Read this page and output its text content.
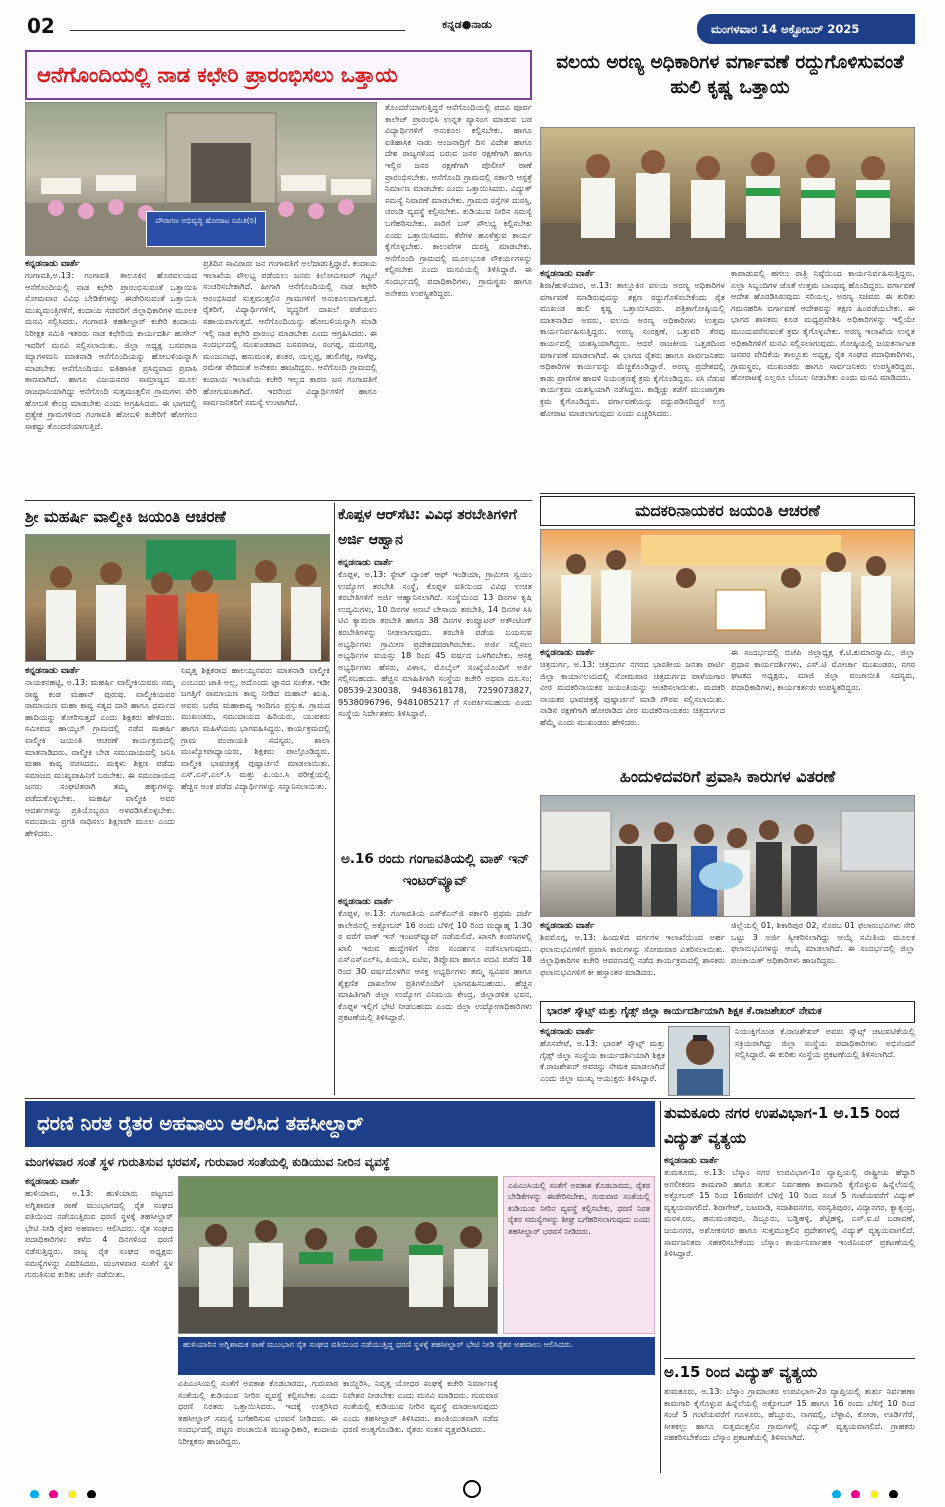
02	ಕನ್ನಡ●ನಾಡು	ಮಂಗಳವಾರ 14 ಅಕ್ಟೋಬರ್ 2025
ಆನೆಗೊಂದಿಯಲ್ಲಿ ನಾಡ ಕಛೇರಿ ಪ್ರಾರಂಭಿಸಲು ಒತ್ತಾಯ
ಪೌರಾಗಣ ಅಭಿವೃದ್ಧಿ ಹೋರಾಟ ಸಮಿತಿ(ರಿ)
ತೊಂದರೆಯಾಗುತ್ತಿದ್ದರೆ ಆನೆಗೊಂದಿಯಲ್ಲಿ ಪದವಿ ಪೂರ್ವ ಕಾಲೇಜ್ ಪ್ರಾರಂಭಿಸಿ ಉನ್ನತ ವ್ಯಾಸಂಗ ಮಾಡುವ ಬಡ ವಿದ್ಯಾರ್ಥಿಗಳಿಗೆ ಅನುಕೂಲ ಕಲ್ಪಿಸಬೇಕು. ಹಾಗೂ ಐತಿಹಾಸಿಕ ನಾಡು ಆಂಜನಾದ್ರಿಗೆ ದಿನ ವಿದೇಶ ಹಾಗೂ ದೇಶ ರಾಜ್ಯಗಳಿಂದ ಬರುವ ಜನರ ರಕ್ಷಣೆಗಾಗಿ ಹಾಗೂ ಇಲ್ಲಿನ ಜನರ ರಕ್ಷಣೆಗಾಗಿ ಪೊಲೀಸ್ ಠಾಣೆ ಪ್ರಾರಂಭಿಸಬೇಕು. ಆನೆಗೊಂದಿ ಗ್ರಾಮದಲ್ಲಿ ಸರ್ಕಾರಿ ಆಸ್ಪತ್ರೆ ನಿರ್ಮಾಣ ಮಾಡಬೇಕು ಎಂದು ಒತ್ತಾಯಿಸಿದರು. ವಿದ್ಯುತ್ ಸಮಸ್ಯೆ ನಿವಾರಣೆ ಮಾಡಬೇಕು. ಗ್ರಾಮದ ರಸ್ತೆಗಳ ದುರಸ್ತಿ, ಚರಂಡಿ ವ್ಯವಸ್ಥೆ ಕಲ್ಪಿಸಬೇಕು. ಕುಡಿಯುವ ನೀರಿನ ಸಮಸ್ಯೆ ಬಗೆಹರಿಸಬೇಕು. ಸಾರಿಗೆ ಬಸ್ ಸೌಲಭ್ಯ ಕಲ್ಪಿಸಬೇಕು ಎಂದು ಒತ್ತಾಯಿಸಿದರು. ಕೆರೆಗಳ ಹೂಳೆತ್ತುವ ಕಾರ್ಯ ಕೈಗೊಳ್ಳಬೇಕು. ಕಾಲುವೆಗಳ ದುರಸ್ತಿ ಮಾಡಬೇಕು. ಆನೆಗೊಂದಿ ಗ್ರಾಮದಲ್ಲಿ ಮೂಲಭೂತ ಸೌಕರ್ಯಗಳನ್ನು ಕಲ್ಪಿಸಬೇಕು ಎಂದು ಮನವಿಯಲ್ಲಿ ತಿಳಿಸಿದ್ದಾರೆ. ಈ ಸಂದರ್ಭದಲ್ಲಿ ಪದಾಧಿಕಾರಿಗಳು, ಗ್ರಾಮಸ್ಥರು ಹಾಗೂ ಅನೇಕರು ಉಪಸ್ಥಿತರಿದ್ದರು.
ಕನ್ನಡನಾಡು ವಾರ್ತೆ
ಗಂಗಾವತಿ,ಅ.13: ಗಂಗಾವತಿ ತಾಲೂಕಿನ ಹೊರವಲಯದ ಆನೆಗೊಂದಿಯಲ್ಲಿ ನಾಡ ಕಛೇರಿ ಪ್ರಾರಂಭಿಸುವಂತೆ ಒತ್ತಾಯಿಸಿ ಸೋಮವಾರ ವಿವಿಧ ಬೇಡಿಕೆಗಳನ್ನು ಈಡೇರಿಸುವಂತೆ ಒತ್ತಾಯಿಸಿ ಮುಖ್ಯಮಂತ್ರಿಗಳಿಗೆ, ಕಂದಾಯ ಸಚಿವರಿಗೆ ಜಿಲ್ಲಾಧಿಕಾರಿಗಳ ಮೂಲಕ ಮನವಿ ಸಲ್ಲಿಸಿದರು. ಗಂಗಾವತಿ ತಹಶೀಲ್ದಾರ್ ಕಚೇರಿ ಕಂದಾಯ ನಿರೀಕ್ಷಕ ಸಮಿತಿ ಇತರರು ನಾಡ ಕಛೇರಿಯ ಕಾರ್ಯದರ್ಶಿ ಹುಸೇನ್ ಇವರಿಗೆ ಮನವಿ ಸಲ್ಲಿಸಲಾಯಿತು. ಜಿಲ್ಲಾ ಅಧ್ಯಕ್ಷ ಬಸವರಾಜ ಮ್ಯಾಗಳಮನಿ ಮಾತನಾಡಿ ಆನೆಗೊಂದಿಯನ್ನು ಹೋಬಳಿಯನ್ನಾಗಿ ಮಾಡಬೇಕು ಆನೆಗೊಂದಿಯು ಐತಿಹಾಸಿಕ ಪ್ರಸಿದ್ಧವಾದ ಪ್ರವಾಸಿ ತಾಣವಾಗಿದೆ. ಹಾಗೂ ವಿಜಯನಗರ ಸಾಮ್ರಾಜ್ಯದ ಮೂಲ ರಾಜಧಾನಿಯಾಗಿದ್ದು ಆನೆಗೊಂದಿ ಸುತ್ತಮುತ್ತಲಿನ ಗ್ರಾಮಗಳು ಸೇರಿ ಹೋಬಳಿ ಕೇಂದ್ರ ಮಾಡಬೇಕು ಎಂದು ಆಗ್ರಹಿಸಿದರು. ಈ ಭಾಗದಲ್ಲಿ ಪ್ರತ್ಯೇಕ ಗ್ರಾಮಗಳಿಂದ ಗಂಗಾವತಿ ಹೋಬಳಿ ಕಚೇರಿಗೆ ಹೋಗಲು ಸಾಕಷ್ಟು ತೊಂದರೆಯಾಗುತ್ತಿದೆ.
ಪ್ರತಿದಿನ ಸಾವಿರಾರು ಜನ ಗಂಗಾವತಿಗೆ ಅಲೆದಾಡುತ್ತಿದ್ದಾರೆ. ಕಂದಾಯ ಇಲಾಖೆಯ ಸೌಲಭ್ಯ ಪಡೆಯಲು ಜನರು ಕಿಲೋಮೀಟರ್ ಗಟ್ಟಲೆ ಸಂಚರಿಸಬೇಕಾಗಿದೆ. ಹೀಗಾಗಿ ಆನೆಗೊಂದಿಯಲ್ಲಿ ನಾಡ ಕಛೇರಿ ಆರಂಭಿಸಿದರೆ ಸುತ್ತಮುತ್ತಲಿನ ಗ್ರಾಮಗಳಿಗೆ ಅನುಕೂಲವಾಗುತ್ತದೆ. ರೈತರಿಗೆ, ವಿದ್ಯಾರ್ಥಿಗಳಿಗೆ, ವೃದ್ಧರಿಗೆ ದಾಖಲೆ ಪಡೆಯಲು ಸಹಾಯವಾಗುತ್ತದೆ. ಆನೆಗೊಂದಿಯನ್ನು ಹೋಬಳಿಯನ್ನಾಗಿ ಮಾಡಿ ಇಲ್ಲಿ ನಾಡ ಕಛೇರಿ ಪ್ರಾರಂಭ ಮಾಡಬೇಕು ಎಂದು ಆಗ್ರಹಿಸಿದರು. ಈ ಸಂದರ್ಭದಲ್ಲಿ ಮುಖಂಡರಾದ ಬಸವರಾಜ, ರಂಗಪ್ಪ, ದುರುಗಪ್ಪ, ಮಂಜುನಾಥ, ಹನುಮಂತ, ಶಂಕರ, ಯಲ್ಲಪ್ಪ, ಹುಲಿಗೆಪ್ಪ, ಗಾಳೆಪ್ಪ, ರಮೇಶ ಸೇರಿದಂತೆ ಅನೇಕರು ಹಾಜರಿದ್ದರು. ಆನೆಗೊಂದಿ ಗ್ರಾಮದಲ್ಲಿ ಕಂದಾಯ ಇಲಾಖೆಯ ಕಚೇರಿ ಇಲ್ಲದ ಕಾರಣ ಜನ ಗಂಗಾವತಿಗೆ ಹೋಗುವಂತಾಗಿದೆ. ಇದರಿಂದ ವಿದ್ಯಾರ್ಥಿಗಳಿಗೆ ಹಾಗೂ ಸಾರ್ವಜನಿಕರಿಗೆ ಸಮಸ್ಯೆ ಉಂಟಾಗಿದೆ.
ವಲಯ ಅರಣ್ಯ ಅಧಿಕಾರಿಗಳ ವರ್ಗಾವಣೆ ರದ್ದುಗೊಳಿಸುವಂತೆ ಹುಲಿ ಕೃಷ್ಣ ಒತ್ತಾಯ
ಕನ್ನಡನಾಡು ವಾರ್ತೆ
ಶಿರಾ/ಹುಳಿಯಾರ, ಅ.13: ತಾಲ್ಲೂಕಿನ ವಲಯ ಅರಣ್ಯ ಅಧಿಕಾರಿಗಳ ವರ್ಗಾವಣೆ ಮಾಡಿರುವುದನ್ನು ತಕ್ಷಣ ರದ್ದುಗೊಳಿಸಬೇಕೆಂದು ರೈತ ಮುಖಂಡ ಹುಲಿ ಕೃಷ್ಣ ಒತ್ತಾಯಿಸಿದರು. ಪತ್ರಿಕಾಗೋಷ್ಠಿಯಲ್ಲಿ ಮಾತನಾಡಿದ ಅವರು, ವಲಯ ಅರಣ್ಯ ಅಧಿಕಾರಿಗಳು ಉತ್ತಮ ಕಾರ್ಯನಿರ್ವಹಿಸುತ್ತಿದ್ದರು. ಅರಣ್ಯ ಸಂರಕ್ಷಣೆ, ಒತ್ತುವರಿ ತೆರವು ಕಾರ್ಯದಲ್ಲಿ ಯಶಸ್ವಿಯಾಗಿದ್ದರು. ಆದರೆ ರಾಜಕೀಯ ಒತ್ತಡದಿಂದ ವರ್ಗಾವಣೆ ಮಾಡಲಾಗಿದೆ. ಈ ಭಾಗದ ರೈತರು ಹಾಗೂ ಸಾರ್ವಜನಿಕರು ಅಧಿಕಾರಿಗಳ ಕಾರ್ಯವನ್ನು ಮೆಚ್ಚಿಕೊಂಡಿದ್ದಾರೆ. ಅರಣ್ಯ ಪ್ರದೇಶದಲ್ಲಿ ಕಾಡು ಪ್ರಾಣಿಗಳ ಹಾವಳಿ ನಿಯಂತ್ರಣಕ್ಕೆ ಕ್ರಮ ಕೈಗೊಂಡಿದ್ದರು. ಸಸಿ ನೆಡುವ ಕಾರ್ಯಕ್ರಮ ಯಶಸ್ವಿಯಾಗಿ ನಡೆಸಿದ್ದರು. ಕಾಡ್ಗಿಚ್ಚು ತಡೆಗೆ ಮುಂಜಾಗ್ರತಾ ಕ್ರಮ ಕೈಗೊಂಡಿದ್ದರು. ವರ್ಗಾವಣೆಯನ್ನು ರದ್ದುಪಡಿಸದಿದ್ದರೆ ಉಗ್ರ ಹೋರಾಟ ಮಾಡಲಾಗುವುದು ಎಂದು ಎಚ್ಚರಿಸಿದರು.
ಕಾಪಾಡುವಲ್ಲಿ ಹಗಲು ರಾತ್ರಿ ನಿಷ್ಠೆಯಿಂದ ಕಾರ್ಯನಿರ್ವಹಿಸುತ್ತಿದ್ದರು. ಎಲ್ಲಾ ಸಿಬ್ಬಂದಿಗಳ ಜೊತೆ ಉತ್ತಮ ಬಾಂಧವ್ಯ ಹೊಂದಿದ್ದರು. ವರ್ಗಾವಣೆ ಆದೇಶ ಹೊರಡಿಸಿರುವುದು ಸರಿಯಲ್ಲ. ಅರಣ್ಯ ಸಚಿವರು ಈ ಕುರಿತು ಗಮನಹರಿಸಿ ವರ್ಗಾವಣೆ ಆದೇಶವನ್ನು ತಕ್ಷಣ ಹಿಂಪಡೆಯಬೇಕು. ಈ ಭಾಗದ ಶಾಸಕರು ಕೂಡ ಮಧ್ಯಪ್ರವೇಶಿಸಿ ಅಧಿಕಾರಿಗಳನ್ನು ಇಲ್ಲಿಯೇ ಮುಂದುವರೆಸುವಂತೆ ಕ್ರಮ ಕೈಗೊಳ್ಳಬೇಕು. ಅರಣ್ಯ ಇಲಾಖೆಯ ಉನ್ನತ ಅಧಿಕಾರಿಗಳಿಗೆ ಮನವಿ ಸಲ್ಲಿಸಲಾಗುವುದು. ಗೋಷ್ಠಿಯಲ್ಲಿ ಜಯಕರ್ನಾಟಕ ಜನಪರ ವೇದಿಕೆಯ ತಾಲ್ಲೂಕು ಅಧ್ಯಕ್ಷ, ರೈತ ಸಂಘದ ಪದಾಧಿಕಾರಿಗಳು, ಗ್ರಾಮಸ್ಥರು, ಮುಖಂಡರು ಹಾಗೂ ಸಾರ್ವಜನಿಕರು ಉಪಸ್ಥಿತರಿದ್ದರು. ಹೋರಾಟಕ್ಕೆ ಎಲ್ಲರೂ ಬೆಂಬಲ ನೀಡಬೇಕು ಎಂದು ಮನವಿ ಮಾಡಿದರು.
ಶ್ರೀ ಮಹರ್ಷಿ ವಾಲ್ಮೀಕಿ ಜಯಂತಿ ಆಚರಣೆ
ಕನ್ನಡನಾಡು ವಾರ್ತೆ
ನಾಯಕನಹಟ್ಟಿ, ಅ.13: ಮಹರ್ಷಿ ವಾಲ್ಮೀಕಿಯವರು ನಮ್ಮ ರಾಷ್ಟ್ರ ಕಂಡ ಮಹಾನ್ ಪುರುಷ. ವಾಲ್ಮೀಕಿಯವರ ರಾಮಾಯಣ ಮಹಾ ಕಾವ್ಯ ಸತ್ಯದ ದಾರಿ ಹಾಗೂ ಧರ್ಮದ ಹಾದಿಯನ್ನು ತೋರಿಸುತ್ತದೆ ಎಂದು ಶಿಕ್ಷಕರು ಹೇಳಿದರು. ಸಮೀಪದ ಹಾಯ್ಕಲ್ ಗ್ರಾಮದಲ್ಲಿ ನಡೆದ ಮಹರ್ಷಿ ವಾಲ್ಮೀಕಿ ಜಯಂತಿ ಆಚರಣೆ ಕಾರ್ಯಕ್ರಮದಲ್ಲಿ ಮಾತನಾಡಿದರು. ವಾಲ್ಮೀಕಿ ಬೇಡ ಸಮುದಾಯದಲ್ಲಿ ಜನಿಸಿ ಮಹಾ ಕಾವ್ಯ ರಚಿಸಿದರು. ಮಕ್ಕಳು ಶಿಕ್ಷಣ ಪಡೆದು ಸಮಾಜದ ಮುಖ್ಯವಾಹಿನಿಗೆ ಬರಬೇಕು. ಈ ಸಮುದಾಯದ ಜನರು ಸಂಘಟಿತರಾಗಿ ತಮ್ಮ ಹಕ್ಕುಗಳನ್ನು ಪಡೆದುಕೊಳ್ಳಬೇಕು. ಮಹರ್ಷಿ ವಾಲ್ಮೀಕಿ ಅವರ ಆದರ್ಶಗಳನ್ನು ಪ್ರತಿಯೊಬ್ಬರೂ ಅಳವಡಿಸಿಕೊಳ್ಳಬೇಕು. ಸಮುದಾಯ ಪ್ರಗತಿ ಸಾಧಿಸಲು ಶಿಕ್ಷಣವೇ ಮೂಲ ಎಂದು ಹೇಳಿದರು.
ನಿವೃತ್ತ ಶಿಕ್ಷಕರಾದ ಹಾಲಯ್ಯನವರು ಮಾತನಾಡಿ ವಾಲ್ಮೀಕಿ ಎಂಬುದು ಜಾತಿ ಅಲ್ಲ, ಅದೊಂದು ಜ್ಞಾನದ ಸಂಕೇತ. ಇಡೀ ಜಗತ್ತಿಗೆ ರಾಮಾಯಣ ಕಾವ್ಯ ನೀಡಿದ ಮಹಾನ್ ಋಷಿ. ಅವರು ಬರೆದ ಮಹಾಕಾವ್ಯ ಇಂದಿಗೂ ಪ್ರಸ್ತುತ. ಗ್ರಾಮದ ಮುಖಂಡರು, ಸಮುದಾಯದ ಹಿರಿಯರು, ಯುವಕರು ಹಾಗೂ ಮಹಿಳೆಯರು ಭಾಗವಹಿಸಿದ್ದರು. ಕಾರ್ಯಕ್ರಮದಲ್ಲಿ ಗ್ರಾಮ ಪಂಚಾಯತಿ ಸದಸ್ಯರು, ಶಾಲಾ ಮುಖ್ಯೋಪಾಧ್ಯಾಯರು, ಶಿಕ್ಷಕರು ಪಾಲ್ಗೊಂಡಿದ್ದರು. ವಾಲ್ಮೀಕಿ ಭಾವಚಿತ್ರಕ್ಕೆ ಪುಷ್ಪಾರ್ಚನೆ ಮಾಡಲಾಯಿತು. ಎಸ್.ಎಸ್.ಎಲ್.ಸಿ ಮತ್ತು ಪಿ.ಯು.ಸಿ ಪರೀಕ್ಷೆಯಲ್ಲಿ ಹೆಚ್ಚಿನ ಅಂಕ ಪಡೆದ ವಿದ್ಯಾರ್ಥಿಗಳನ್ನು ಸನ್ಮಾನಿಸಲಾಯಿತು.
ಕೊಪ್ಪಳ ಆರ್‌ಸೆಟಿ: ವಿವಿಧ ತರಬೇತಿಗಳಿಗೆ ಅರ್ಜಿ ಆಹ್ವಾನ
ಕನ್ನಡನಾಡು ವಾರ್ತೆ
ಕೊಪ್ಪಳ, ಅ.13: ಸ್ಟೇಟ್ ಬ್ಯಾಂಕ್ ಆಫ್ ಇಂಡಿಯಾ, ಗ್ರಾಮೀಣ ಸ್ವಯಂ ಉದ್ಯೋಗ ತರಬೇತಿ ಸಂಸ್ಥೆ, ಕೊಪ್ಪಳ ವತಿಯಿಂದ ವಿವಿಧ ಉಚಿತ ತರಬೇತಿಗಳಿಗೆ ಅರ್ಜಿ ಆಹ್ವಾನಿಸಲಾಗಿದೆ. ಸಂಸ್ಥೆಯಿಂದ 13 ದಿನಗಳ ಕೃಷಿ ಉದ್ಯಮಿಗಳು, 10 ದಿನಗಳ ಅಣಬೆ ಬೇಸಾಯ ತರಬೇತಿ, 14 ದಿನಗಳ ಸಿಸಿ ಟಿವಿ ಕ್ಯಾಮರಾ ತರಬೇತಿ ಹಾಗೂ 38 ದಿನಗಳ ಕಂಪ್ಯೂಟರ್ ಅಕೌಂಟಿಂಗ್ ತರಬೇತಿಗಳನ್ನು ನೀಡಲಾಗುವುದು. ತರಬೇತಿ ಪಡೆಯ ಬಯಸುವ ಅಭ್ಯರ್ಥಿಗಳು ಗ್ರಾಮೀಣ ಪ್ರದೇಶದವರಾಗಿರಬೇಕು. ಅರ್ಜಿ ಸಲ್ಲಿಸಲು ಅಭ್ಯರ್ಥಿಗಳ ವಯಸ್ಸು 18 ರಿಂದ 45 ವರ್ಷದ ಒಳಗಿರಬೇಕು. ಆಸಕ್ತ ಅಭ್ಯರ್ಥಿಗಳು ಹೆಸರು, ವಿಳಾಸ, ಮೊಬೈಲ್ ಸಂಖ್ಯೆಯೊಂದಿಗೆ ಅರ್ಜಿ ಸಲ್ಲಿಸಬಹುದು. ಹೆಚ್ಚಿನ ಮಾಹಿತಿಗಾಗಿ ಸಂಸ್ಥೆಯ ಕಚೇರಿ ಅಥವಾ ದೂ.ಸಂ: 08539-230038, 9483618178, 7259073827, 9538096796, 9481085217 ಗೆ ಸಂಪರ್ಕಿಸಬಹುದು ಎಂದು ಸಂಸ್ಥೆಯ ನಿರ್ದೇಶಕರು ತಿಳಿಸಿದ್ದಾರೆ.
ಅ.16 ರಂದು ಗಂಗಾವತಿಯಲ್ಲಿ ವಾಕ್ ಇನ್ ಇಂಟರ್‌ವ್ಯೂವ್
ಕನ್ನಡನಾಡು ವಾರ್ತೆ
ಕೊಪ್ಪಳ, ಅ.13: ಗಂಗಾವತಿಯ ಎಸ್‌ಕೆಎನ್‌ಜಿ ಸರ್ಕಾರಿ ಪ್ರಥಮ ದರ್ಜೆ ಕಾಲೇಜಿನಲ್ಲಿ ಅಕ್ಟೋಬರ್ 16 ರಂದು ಬೆಳಿಗ್ಗೆ 10 ರಿಂದ ಮಧ್ಯಾಹ್ನ 1.30 ರ ವರೆಗೆ ವಾಕ್ ಇನ್ ಇಂಟರ್‌ವ್ಯೂವ್ ನಡೆಯಲಿದೆ. ಖಾಸಗಿ ಕಂಪನಿಗಳಲ್ಲಿ ಖಾಲಿ ಇರುವ ಹುದ್ದೆಗಳಿಗೆ ನೇರ ಸಂದರ್ಶನ ನಡೆಸಲಾಗುವುದು. ಎಸ್‌ಎಸ್‌ಎಲ್‌ಸಿ, ಪಿಯುಸಿ, ಐಟಿಐ, ಡಿಪ್ಲೊಮಾ ಹಾಗೂ ಪದವಿ ಪಡೆದ 18 ರಿಂದ 30 ವರ್ಷದೊಳಗಿನ ಆಸಕ್ತ ಅಭ್ಯರ್ಥಿಗಳು ತಮ್ಮ ಸ್ವವಿವರ ಹಾಗೂ ಶೈಕ್ಷಣಿಕ ದಾಖಲೆಗಳ ಪ್ರತಿಗಳೊಂದಿಗೆ ಭಾಗವಹಿಸಬಹುದು. ಹೆಚ್ಚಿನ ಮಾಹಿತಿಗಾಗಿ ಜಿಲ್ಲಾ ಉದ್ಯೋಗ ವಿನಿಮಯ ಕೇಂದ್ರ, ಜಿಲ್ಲಾಡಳಿತ ಭವನ, ಕೊಪ್ಪಳ ಇಲ್ಲಿಗೆ ಭೇಟಿ ನೀಡಬಹುದು ಎಂದು ಜಿಲ್ಲಾ ಉದ್ಯೋಗಾಧಿಕಾರಿಗಳು ಪ್ರಕಟಣೆಯಲ್ಲಿ ತಿಳಿಸಿದ್ದಾರೆ.
ಮದಕರಿನಾಯಕರ ಜಯಂತಿ ಆಚರಣೆ
ಕನ್ನಡನಾಡು ವಾರ್ತೆ
ಚಿತ್ರದುರ್ಗ, ಅ.13: ಚಿತ್ರದುರ್ಗ ನಗರದ ಭಾರತೀಯ ಜನತಾ ಪಾರ್ಟಿ ಜಿಲ್ಲಾ ಕಾರ್ಯಾಲಯದಲ್ಲಿ ಸೋಮವಾರ ಚಿತ್ರದುರ್ಗದ ಪಾಳೆಯಗಾರ ವೀರ ಮದಕರಿನಾಯಕರ ಜಯಂತಿಯನ್ನು ಆಚರಿಸಲಾಯಿತು. ಮದಕರಿ ನಾಯಕರ ಭಾವಚಿತ್ರಕ್ಕೆ ಪುಷ್ಪಾರ್ಚನೆ ಮಾಡಿ ಗೌರವ ಸಲ್ಲಿಸಲಾಯಿತು. ನಾಡಿನ ರಕ್ಷಣೆಗಾಗಿ ಹೋರಾಡಿದ ವೀರ ಮದಕರಿನಾಯಕರು ಚಿತ್ರದುರ್ಗದ ಹೆಮ್ಮೆ ಎಂದು ಮುಖಂಡರು ಹೇಳಿದರು.
ಈ ಸಂದರ್ಭದಲ್ಲಿ ಬಿಜೆಪಿ ಜಿಲ್ಲಾಧ್ಯಕ್ಷ ಕೆ.ಟಿ.ಕುಮಾರಸ್ವಾಮಿ, ಜಿಲ್ಲಾ ಪ್ರಧಾನ ಕಾರ್ಯದರ್ಶಿಗಳು, ಎಸ್.ಟಿ ಮೋರ್ಚಾ ಮುಖಂಡರು, ನಗರ ಘಟಕದ ಅಧ್ಯಕ್ಷರು, ಮಾಜಿ ಜಿಲ್ಲಾ ಪಂಚಾಯಿತಿ ಸದಸ್ಯರು, ಪದಾಧಿಕಾರಿಗಳು, ಕಾರ್ಯಕರ್ತರು ಉಪಸ್ಥಿತರಿದ್ದರು.
ಹಿಂದುಳಿದವರಿಗೆ ಪ್ರವಾಸಿ ಕಾರುಗಳ ವಿತರಣೆ
ಕನ್ನಡನಾಡು ವಾರ್ತೆ
ಶಿವಮೊಗ್ಗ, ಅ.13: ಹಿಂದುಳಿದ ವರ್ಗಗಳ ಇಲಾಖೆಯಿಂದ ಅರ್ಹ ಫಲಾನುಭವಿಗಳಿಗೆ ಪ್ರವಾಸಿ ಕಾರುಗಳನ್ನು ಸೋಮವಾರ ವಿತರಿಸಲಾಯಿತು. ಜಿಲ್ಲಾಧಿಕಾರಿಗಳ ಕಚೇರಿ ಆವರಣದಲ್ಲಿ ನಡೆದ ಕಾರ್ಯಕ್ರಮದಲ್ಲಿ ಶಾಸಕರು ಫಲಾನುಭವಿಗಳಿಗೆ ಕೀ ಹಸ್ತಾಂತರ ಮಾಡಿದರು.
ಜಿಲ್ಲೆಯಲ್ಲಿ 01, ಶಿಕಾರಿಪುರ 02, ಸೊರಬ 01 ಫಲಾನುಭವಿಗಳು ಸೇರಿ ಒಟ್ಟು 3 ಅರ್ಜಿ ಸ್ವೀಕರಿಸಲಾಗಿದ್ದು ಆಯ್ಕೆ ಸಮಿತಿಯ ಮೂಲಕ ಫಲಾನುಭವಿಗಳನ್ನು ಆಯ್ಕೆ ಮಾಡಲಾಗಿದೆ. ಈ ಸಂದರ್ಭದಲ್ಲಿ ಜಿಲ್ಲಾ ಪಂಚಾಯತ್ ಅಧಿಕಾರಿಗಳು ಹಾಜರಿದ್ದರು.
ಭಾರತ್ ಸ್ಕೌಟ್ಸ್ ಮತ್ತು ಗೈಡ್ಸ್ ಜಿಲ್ಲಾ ಕಾರ್ಯದರ್ಶಿಯಾಗಿ ಶಿಕ್ಷಕ ಕೆ.ರಾಜಶೇಖರ್ ನೇಮಕ
ಕನ್ನಡನಾಡು ವಾರ್ತೆ
ಹೊಸಪೇಟೆ, ಅ.13: ಭಾರತ್ ಸ್ಕೌಟ್ಸ್ ಮತ್ತು ಗೈಡ್ಸ್ ಜಿಲ್ಲಾ ಸಂಸ್ಥೆಯ ಕಾರ್ಯದರ್ಶಿಯಾಗಿ ಶಿಕ್ಷಕ ಕೆ.ರಾಜಶೇಖರ್ ಅವರನ್ನು ನೇಮಕ ಮಾಡಲಾಗಿದೆ ಎಂದು ಜಿಲ್ಲಾ ಮುಖ್ಯ ಆಯುಕ್ತರು ತಿಳಿಸಿದ್ದಾರೆ.
ನಿಯುಕ್ತಿಗೊಂಡ ಕೆ.ರಾಜಶೇಖರ್ ಅವರು ಸ್ಕೌಟ್ಸ್ ಚಟುವಟಿಕೆಯಲ್ಲಿ ಸಕ್ರಿಯರಾಗಿದ್ದು ಜಿಲ್ಲಾ ಸಂಸ್ಥೆಯ ಪದಾಧಿಕಾರಿಗಳು ಅಭಿನಂದನೆ ಸಲ್ಲಿಸಿದ್ದಾರೆ. ಈ ಕುರಿತು ಸಂಸ್ಥೆಯ ಪ್ರಕಟಣೆಯಲ್ಲಿ ತಿಳಿಸಲಾಗಿದೆ.
ಧರಣಿ ನಿರತ ರೈತರ ಅಹವಾಲು ಆಲಿಸಿದ ತಹಸೀಲ್ದಾರ್
ಮಂಗಳವಾರ ಸಂತೆ ಸ್ಥಳ ಗುರುತಿಸುವ ಭರವಸೆ, ಗುರುವಾರ ಸಂತೆಯಲ್ಲಿ ಕುಡಿಯುವ ನೀರಿನ ವ್ಯವಸ್ಥೆ
ಕನ್ನಡನಾಡು ವಾರ್ತೆ
ಹುಳಿಯಾರು, ಅ.13: ಹುಳಿಯಾರು ಪಟ್ಟಣದ ಅಗ್ನಿಶಾಮಕ ಠಾಣೆ ಮುಂಭಾಗದಲ್ಲಿ ರೈತ ಸಂಘದ ವತಿಯಿಂದ ನಡೆಯುತ್ತಿರುವ ಧರಣಿ ಸ್ಥಳಕ್ಕೆ ತಹಸೀಲ್ದಾರ್ ಭೇಟಿ ನೀಡಿ ರೈತರ ಅಹವಾಲು ಆಲಿಸಿದರು. ರೈತ ಸಂಘದ ಪದಾಧಿಕಾರಿಗಳು ಕಳೆದ 4 ದಿನಗಳಿಂದ ಧರಣಿ ನಡೆಸುತ್ತಿದ್ದರು. ರಾಜ್ಯ ರೈತ ಸಂಘದ ಅಧ್ಯಕ್ಷರು ಸಮಸ್ಯೆಗಳನ್ನು ವಿವರಿಸಿದರು. ಮಂಗಳವಾರ ಸಂತೆಗೆ ಸ್ಥಳ ಗುರುತಿಸುವ ಕುರಿತು ಚರ್ಚೆ ನಡೆಯಿತು.
ಎಪಿಎಂಸಿಯಲ್ಲಿ ಸಂತೆಗೆ ಅವಕಾಶ ಕೊಡಬಾರದು, ರೈತರ ಬೇಡಿಕೆಗಳನ್ನು ಈಡೇರಿಸಬೇಕು, ಗುರುವಾರ ಸಂತೆಯಲ್ಲಿ ಕುಡಿಯುವ ನೀರಿನ ವ್ಯವಸ್ಥೆ ಕಲ್ಪಿಸಬೇಕು, ಧರಣಿ ನಿರತ ರೈತರ ಸಮಸ್ಯೆಗಳನ್ನು ಶೀಘ್ರ ಬಗೆಹರಿಸಲಾಗುವುದು ಎಂದು ತಹಸೀಲ್ದಾರ್ ಭರವಸೆ ನೀಡಿದರು.
ಹುಳಿಯಾರಿನ ಅಗ್ನಿಶಾಮಕ ಠಾಣೆ ಮುಂಭಾಗ ರೈತ ಸಂಘದ ವತಿಯಿಂದ ನಡೆಯುತ್ತಿದ್ದ ಧರಣಿ ಸ್ಥಳಕ್ಕೆ ತಹಸೀಲ್ದಾರ್ ಭೇಟಿ ನೀಡಿ ರೈತರ ಅಹವಾಲು ಆಲಿಸಿದರು.
ಎಪಿಎಂಸಿಯಲ್ಲಿ ಸಂತೆಗೆ ಅವಕಾಶ ಕೊಡಬಾರದು, ಗುರುವಾರ ಸಂತೆಯಲ್ಲಿ ಕುಡಿಯುವ ನೀರಿನ ವ್ಯವಸ್ಥೆ ಕಲ್ಪಿಸಬೇಕು ಎಂದು ಧರಣಿ ನಿರತರು ಒತ್ತಾಯಿಸಿದರು. ಇದಕ್ಕೆ ಉತ್ತರಿಸಿದ ತಹಸೀಲ್ದಾರ್ ಸಮಸ್ಯೆ ಬಗೆಹರಿಸುವ ಭರವಸೆ ನೀಡಿದರು. ಈ ಸಂದರ್ಭದಲ್ಲಿ ಪಟ್ಟಣ ಪಂಚಾಯಿತಿ ಮುಖ್ಯಾಧಿಕಾರಿ, ಕಂದಾಯ ನಿರೀಕ್ಷಕರು ಹಾಜರಿದ್ದರು.
ಕಾಯ್ದಿರಿಸಿ, ನಿವೃತ್ತ ಯೋಧರ ಸಂಘಕ್ಕೆ ಕಚೇರಿ ನಿರ್ಮಾಣಕ್ಕೆ ನಿವೇಶನ ನೀಡಬೇಕು ಎಂದು ಮನವಿ ಮಾಡಿದರು. ಗುರುವಾರ ಸಂತೆಯಲ್ಲಿ ಕುಡಿಯುವ ನೀರಿನ ವ್ಯವಸ್ಥೆ ಮಾಡಲಾಗುವುದು ಎಂದು ತಹಸೀಲ್ದಾರ್ ತಿಳಿಸಿದರು. ಶಾಂತಿಯುತವಾಗಿ ನಡೆದ ಧರಣಿ ಅಂತ್ಯಗೊಂಡಿತು. ರೈತರು ಸಂತಸ ವ್ಯಕ್ತಪಡಿಸಿದರು.
ತುಮಕೂರು ನಗರ ಉಪವಿಭಾಗ-1 ಅ.15 ರಿಂದ ವಿದ್ಯುತ್ ವ್ಯತ್ಯಯ
ಕನ್ನಡನಾಡು ವಾರ್ತೆ
ತುಮಕೂರು, ಅ.13: ಬೆಸ್ಕಾಂ ನಗರ ಉಪವಿಭಾಗ-1ರ ವ್ಯಾಪ್ತಿಯಲ್ಲಿ ರಾಷ್ಟ್ರೀಯ ಹೆದ್ದಾರಿ ಅಗಲೀಕರಣ ಕಾಮಗಾರಿ ಹಾಗೂ ತುರ್ತು ನಿರ್ವಹಣಾ ಕಾಮಗಾರಿ ಕೈಗೊಳ್ಳುವ ಹಿನ್ನೆಲೆಯಲ್ಲಿ ಅಕ್ಟೋಬರ್ 15 ರಿಂದ 16ರವರೆಗೆ ಬೆಳಿಗ್ಗೆ 10 ರಿಂದ ಸಂಜೆ 5 ಗಂಟೆಯವರೆಗೆ ವಿದ್ಯುತ್ ವ್ಯತ್ಯಯವಾಗಲಿದೆ. ಶಿರಾಗೇಟ್, ಬಟವಾಡಿ, ಸದಾಶಿವನಗರ, ಸರಸ್ವತಿಪುರಂ, ವಿದ್ಯಾನಗರ, ಕ್ಯಾತ್ಸಂದ್ರ, ಮರಳೂರು, ಹನುಮಂತಪುರ, ದಿಬ್ಬೂರು, ಬಡ್ಡಿಹಳ್ಳಿ, ಶೆಟ್ಟಿಹಳ್ಳಿ, ಎಸ್.ಐ.ಟಿ ಬಡಾವಣೆ, ಜಯನಗರ, ಅಶೋಕನಗರ ಹಾಗೂ ಸುತ್ತಮುತ್ತಲಿನ ಪ್ರದೇಶಗಳಲ್ಲಿ ವಿದ್ಯುತ್ ವ್ಯತ್ಯಯವಾಗಲಿದೆ. ಸಾರ್ವಜನಿಕರು ಸಹಕರಿಸಬೇಕೆಂದು ಬೆಸ್ಕಾಂ ಕಾರ್ಯನಿರ್ವಾಹಕ ಇಂಜಿನಿಯರ್ ಪ್ರಕಟಣೆಯಲ್ಲಿ ತಿಳಿಸಿದ್ದಾರೆ.
ಅ.15 ರಿಂದ ವಿದ್ಯುತ್ ವ್ಯತ್ಯಯ
ತುಮಕೂರು, ಅ.13: ಬೆಸ್ಕಾಂ ಗ್ರಾಮಾಂತರ ಉಪವಿಭಾಗ-2ರ ವ್ಯಾಪ್ತಿಯಲ್ಲಿ ತುರ್ತು ನಿರ್ವಹಣಾ ಕಾಮಗಾರಿ ಕೈಗೊಳ್ಳುವ ಹಿನ್ನೆಲೆಯಲ್ಲಿ ಅಕ್ಟೋಬರ್ 15 ಹಾಗೂ 16 ರಂದು ಬೆಳಿಗ್ಗೆ 10 ರಿಂದ ಸಂಜೆ 5 ಗಂಟೆಯವರೆಗೆ ಗೂಳೂರು, ಹೆಬ್ಬೂರು, ನಾಗವಲ್ಲಿ, ಬೆಳ್ಳಾವಿ, ಕೋರಾ, ಊರ್ಡಿಗೆರೆ, ಸೀತಕಲ್ಲು ಹಾಗೂ ಸುತ್ತಮುತ್ತಲಿನ ಗ್ರಾಮಗಳಲ್ಲಿ ವಿದ್ಯುತ್ ವ್ಯತ್ಯಯವಾಗಲಿದೆ. ಗ್ರಾಹಕರು ಸಹಕರಿಸಬೇಕೆಂದು ಬೆಸ್ಕಾಂ ಪ್ರಕಟಣೆಯಲ್ಲಿ ತಿಳಿಸಲಾಗಿದೆ.
